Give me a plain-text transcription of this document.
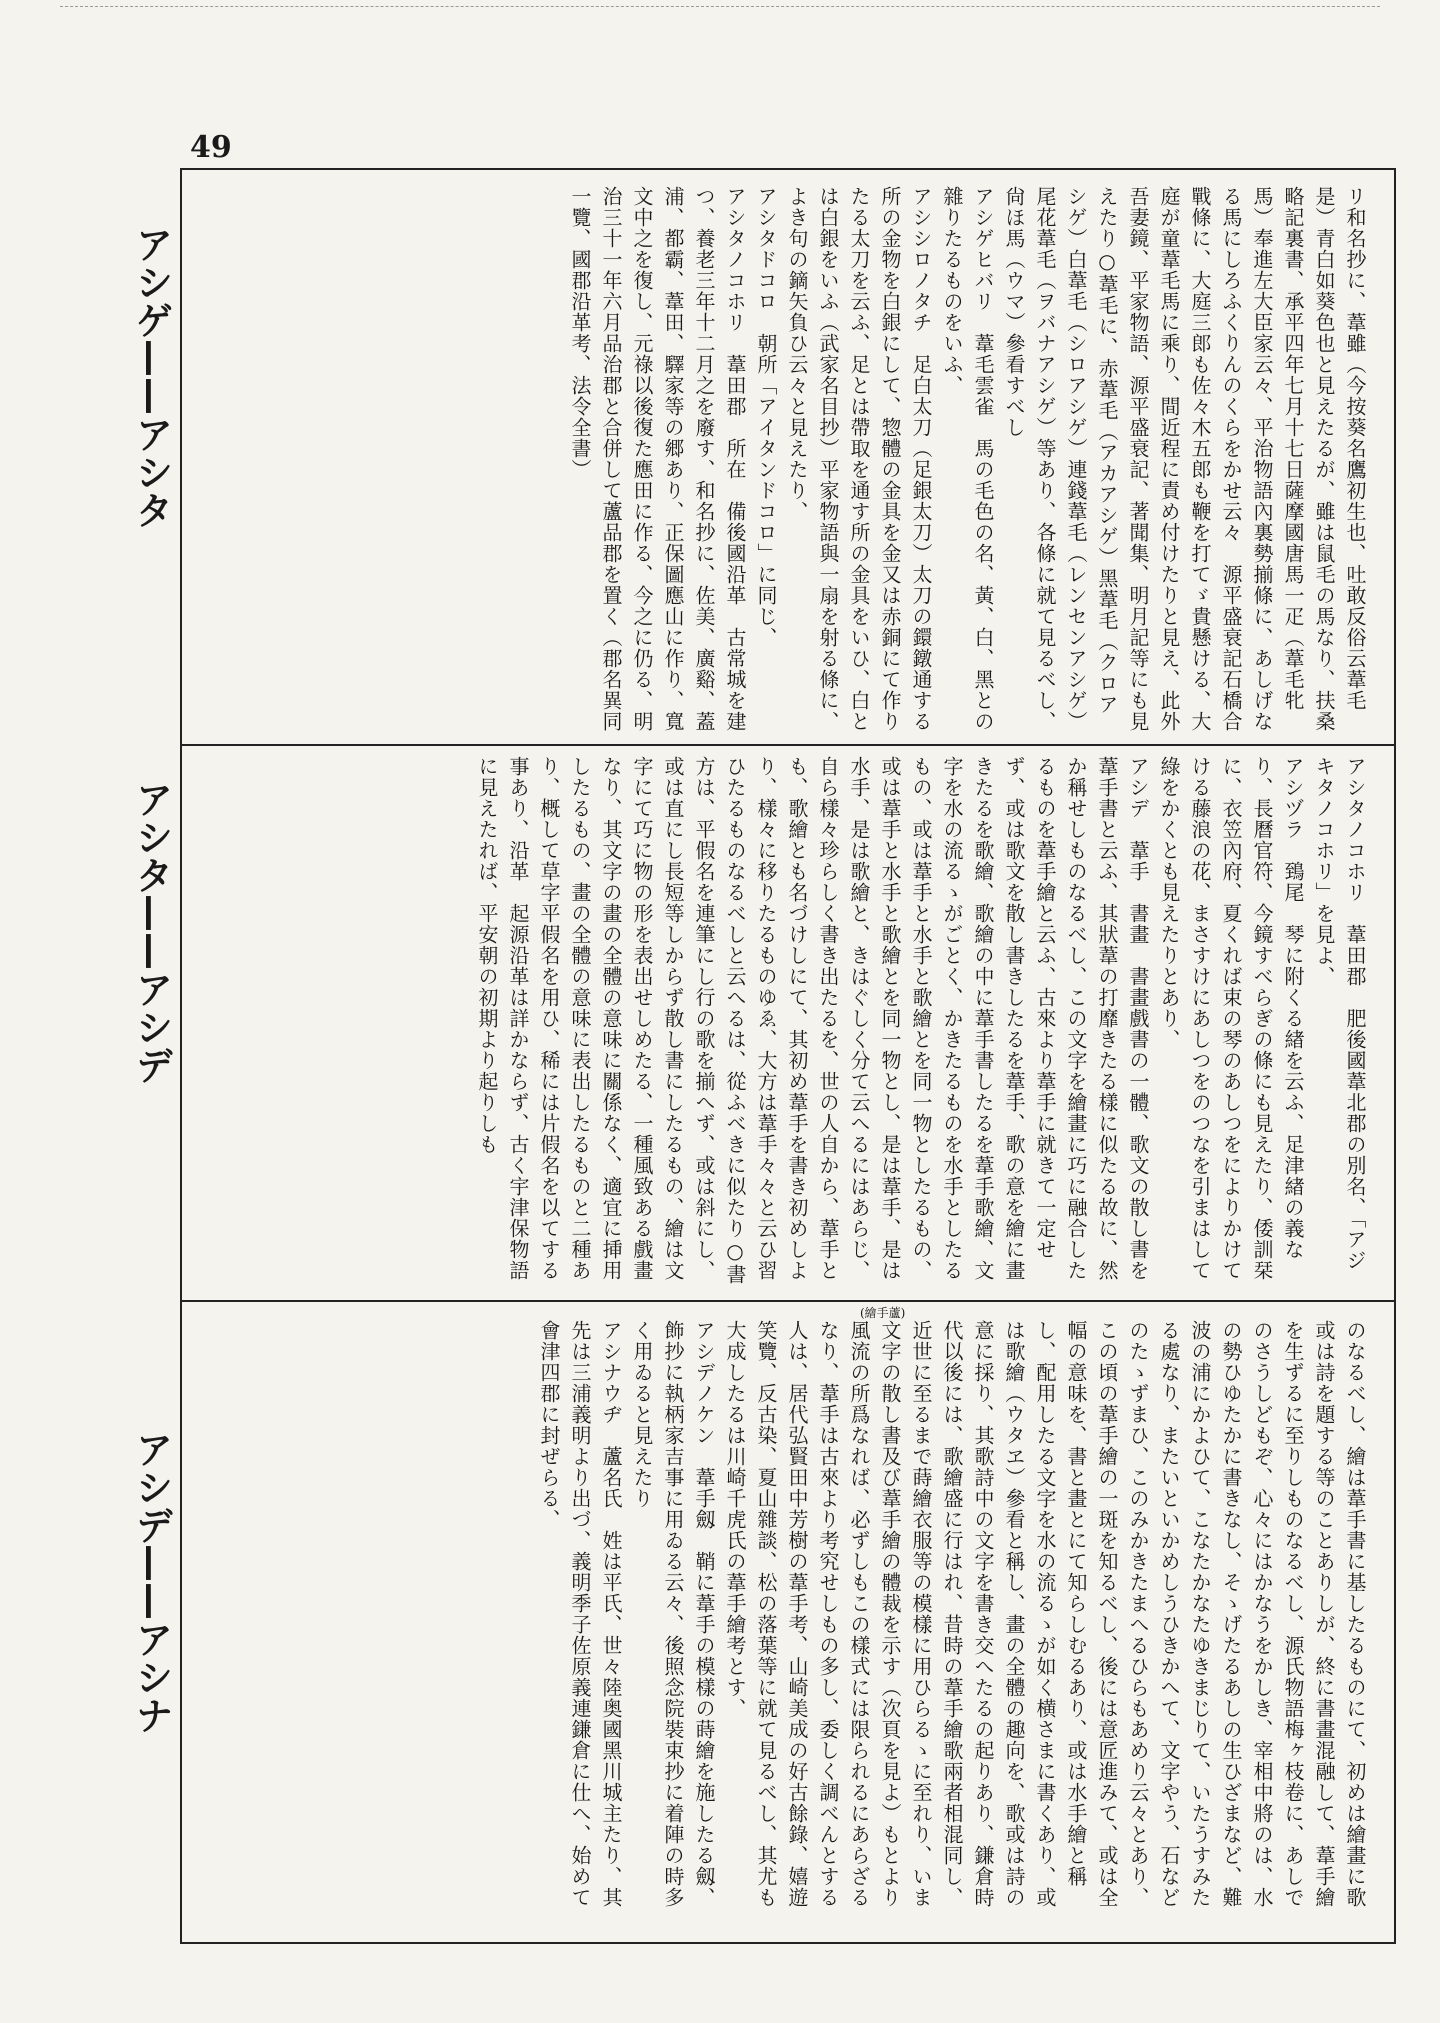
49
(繪手蘆)
リ和名抄に、葦雖（今按葵名鷹初生也、吐敢反俗云葦毛是）青白如葵色也と見えたるが、雖は鼠毛の馬なり、扶桑略記裏書、承平四年七月十七日薩摩國唐馬一疋（葦毛牝馬）奉進左大臣家云々、平治物語內裏勢揃條に、あしげなる馬にしろふくりんのくらをかせ云々　源平盛衰記石橋合戰條に、大庭三郎も佐々木五郎も鞭を打てゞ貴懸ける、大庭が童葦毛馬に乘り、間近程に責め付けたりと見え、此外吾妻鏡、平家物語、源平盛衰記、著聞集、明月記等にも見えたり○葦毛に、赤葦毛（アカアシゲ）黑葦毛（クロアシゲ）白葦毛（シロアシゲ）連錢葦毛（レンセンアシゲ）尾花葦毛（ヲバナアシゲ）等あり、各條に就て見るべし、尙ほ馬（ウマ）參看すべし
アシゲヒバリ　葦毛雲雀　馬の毛色の名、黃、白、黑との雜りたるものをいふ、
アシシロノタチ　足白太刀（足銀太刀）太刀の鐶鐓通する所の金物を白銀にして、惣體の金具を金又は赤銅にて作りたる太刀を云ふ、足とは帶取を通す所の金具をいひ、白とは白銀をいふ（武家名目抄）平家物語與一扇を射る條に、よき句の鏑矢負ひ云々と見えたり、
アシタドコロ　朝所「アイタンドコロ」に同じ、
アシタノコホリ　葦田郡　所在　備後國沿革　古常城を建つ、養老三年十二月之を廢す、和名抄に、佐美、廣谿、蓋浦、都霸、葦田、驛家等の郷あり、正保圖應山に作り、寬文中之を復し、元祿以後復た應田に作る、今之に仍る、明治三十一年六月品治郡と合併して蘆品郡を置く（郡名異同一覽、國郡沿革考、法令全書）
アシタノコホリ　葦田郡　肥後國葦北郡の別名、「アジキタノコホリ」を見よ、
アシヅラ　鵄尾　琴に附くる緖を云ふ、足津緖の義なり、長曆官符、今鏡すべらぎの條にも見えたり、倭訓栞に、衣笠內府、夏くれば束の琴のあしつをによりかけてける藤浪の花、まさすけにあしつをのつなを引まはして綠をかくとも見えたりとあり、
アシデ　葦手　書畫　書畫戲書の一體、歌文の散し書を葦手書と云ふ、其狀葦の打靡きたる樣に似たる故に、然か稱せしものなるべし、この文字を繪畫に巧に融合したるものを葦手繪と云ふ、古來より葦手に就きて一定せず、或は歌文を散し書きしたるを葦手、歌の意を繪に畫きたるを歌繪、歌繪の中に葦手書したるを葦手歌繪、文字を水の流るゝがごとく、かきたるものを水手としたるもの、或は葦手と水手と歌繪とを同一物としたるもの、或は葦手と水手と歌繪とを同一物とし、是は葦手、是は水手、是は歌繪と、きはぐしく分て云へるにはあらじ、自ら樣々珍らしく書き出たるを、世の人自から、葦手とも、歌繪とも名づけしにて、其初め葦手を書き初めしより、樣々に移りたるものゆゑ、大方は葦手々々と云ひ習ひたるものなるべしと云へるは、從ふべきに似たり○書方は、平假名を連筆にし行の歌を揃へず、或は斜にし、或は直にし長短等しからず散し書にしたるもの、繪は文字にて巧に物の形を表出せしめたる、一種風致ある戲畫なり、其文字の畫の全體の意味に關係なく、適宜に挿用したるもの、畫の全體の意味に表出したるものと二種あり、概して草字平假名を用ひ、稀には片假名を以てする事あり、沿革　起源沿革は詳かならず、古く宇津保物語に見えたれば、平安朝の初期より起りしも
のなるべし、繪は葦手書に基したるものにて、初めは繪畫に歌或は詩を題する等のことありしが、終に書畫混融して、葦手繪を生ずるに至りしものなるべし、源氏物語梅ヶ枝卷に、あしでのさうしどもぞ、心々にはかなうをかしき、宰相中將のは、水の勢ひゆたかに書きなし、そゝげたるあしの生ひざまなど、難波の浦にかよひて、こなたかなたゆきまじりて、いたうすみたる處なり、またいといかめしうひきかへて、文字やう、石などのたゝずまひ、このみかきたまへるひらもあめり云々とあり、この頃の葦手繪の一斑を知るべし、後には意匠進みて、或は全幅の意味を、書と畫とにて知らしむるあり、或は水手繪と稱し、配用したる文字を水の流るゝが如く横さまに書くあり、或は歌繪（ウタヱ）參看と稱し、畫の全體の趣向を、歌或は詩の意に採り、其歌詩中の文字を書き交へたるの起りあり、鎌倉時代以後には、歌繪盛に行はれ、昔時の葦手繪歌兩者相混同し、近世に至るまで蒔繪衣服等の模樣に用ひらるゝに至れり、いま文字の散し書及び葦手繪の體裁を示す（次頁を見よ）もとより風流の所爲なれば、必ずしもこの樣式には限られるにあらざるなり、葦手は古來より考究せしもの多し、委しく調べんとする人は、居代弘賢田中芳樹の葦手考、山崎美成の好古餘錄、嬉遊笑覽、反古染、夏山雜談、松の落葉等に就て見るべし、其尤も大成したるは川崎千虎氏の葦手繪考とす、
アシデノケン　葦手劔　鞘に葦手の模樣の蒔繪を施したる劔、飾抄に執柄家吉事に用ゐる云々、後照念院裝束抄に着陣の時多く用ゐると見えたり
アシナウヂ　蘆名氏　姓は平氏、世々陸奥國黑川城主たり、其先は三浦義明より出づ、義明季子佐原義連鎌倉に仕へ、始めて會津四郡に封ぜらる、
アシゲ——アシタ
アシタ——アシデ
アシデ——アシナ
